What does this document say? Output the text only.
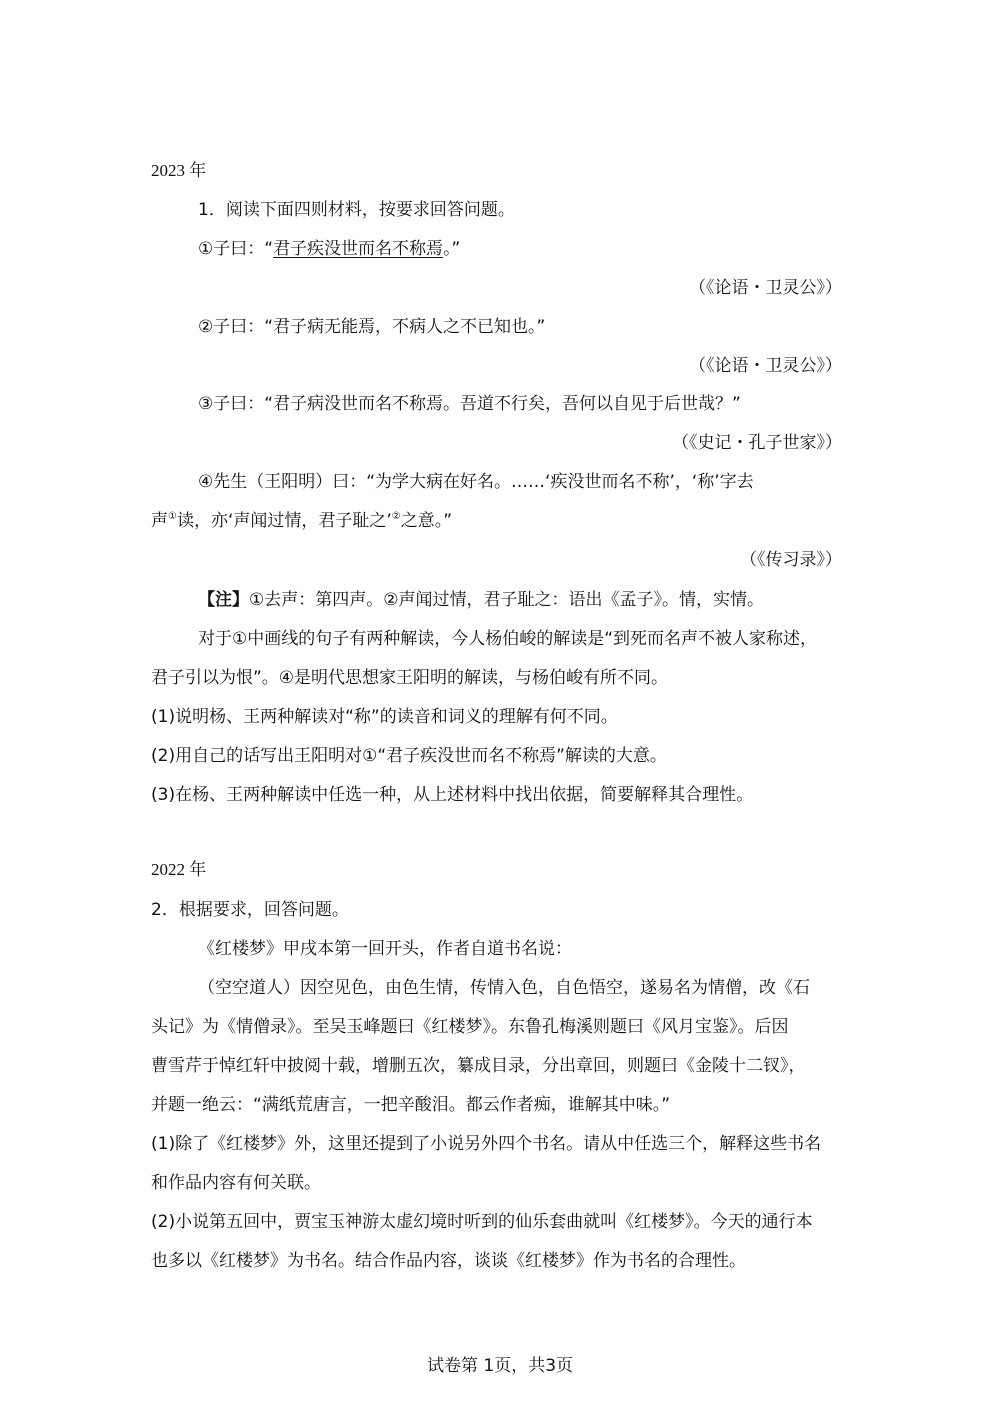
2023 年
1．阅读下面四则材料，按要求回答问题。
①子曰：“君子疾没世而名不称焉。”
（《论语・卫灵公》）
②子曰：“君子病无能焉，不病人之不已知也。”
（《论语・卫灵公》）
③子曰：“君子病没世而名不称焉。吾道不行矣，吾何以自见于后世哉？”
（《史记・孔子世家》）
④先生（王阳明）曰：“为学大病在好名。……‘疾没世而名不称’，‘称’字去
声①读，亦‘声闻过情，君子耻之’②之意。”
（《传习录》）
【注】①去声：第四声。②声闻过情，君子耻之：语出《孟子》。情，实情。
对于①中画线的句子有两种解读，今人杨伯峻的解读是“到死而名声不被人家称述，
君子引以为恨”。④是明代思想家王阳明的解读，与杨伯峻有所不同。
(1)说明杨、王两种解读对“称”的读音和词义的理解有何不同。
(2)用自己的话写出王阳明对①“君子疾没世而名不称焉”解读的大意。
(3)在杨、王两种解读中任选一种，从上述材料中找出依据，简要解释其合理性。
2022 年
2．根据要求，回答问题。
《红楼梦》甲戌本第一回开头，作者自道书名说：
（空空道人）因空见色，由色生情，传情入色，自色悟空，遂易名为情僧，改《石
头记》为《情僧录》。至吴玉峰题曰《红楼梦》。东鲁孔梅溪则题曰《风月宝鉴》。后因
曹雪芹于悼红轩中披阅十载，增删五次，纂成目录，分出章回，则题曰《金陵十二钗》，
并题一绝云：“满纸荒唐言，一把辛酸泪。都云作者痴，谁解其中味。”
(1)除了《红楼梦》外，这里还提到了小说另外四个书名。请从中任选三个，解释这些书名
和作品内容有何关联。
(2)小说第五回中，贾宝玉神游太虚幻境时听到的仙乐套曲就叫《红楼梦》。今天的通行本
也多以《红楼梦》为书名。结合作品内容，谈谈《红楼梦》作为书名的合理性。
试卷第 1页，共3页
